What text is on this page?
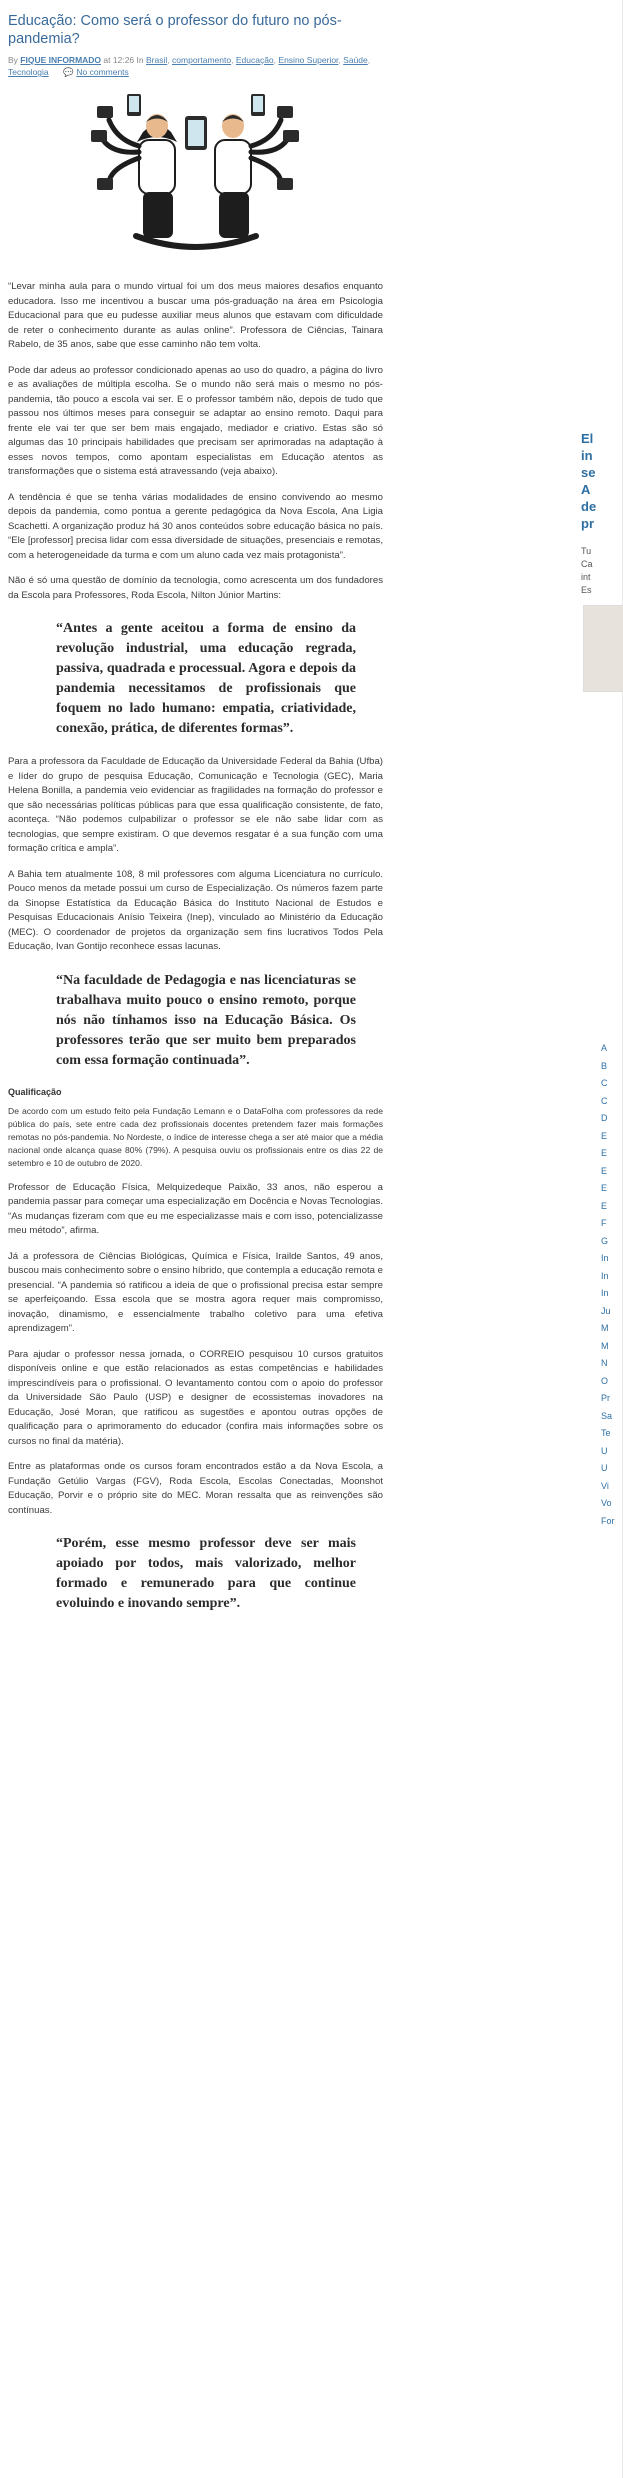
El
in
se
A
de
pr
Tu
Ca
int
Es
A
B
C
C
D
E
E
E
E
E
F
G
In
In
In
Ju
M
M
N
O
Pr
Sa
Te
U
U
Vi
Vo
For
Educação: Como será o professor do futuro no pós-pandemia?
By FIQUE INFORMADO at 12:26 In Brasil, comportamento, Educação, Ensino Superior, Saúde, Tecnologia 💬 No comments

“Levar minha aula para o mundo virtual foi um dos meus maiores desafios enquanto educadora. Isso me incentivou a buscar uma pós-graduação na área em Psicologia Educacional para que eu pudesse auxiliar meus alunos que estavam com dificuldade de reter o conhecimento durante as aulas online”. Professora de Ciências, Tainara Rabelo, de 35 anos, sabe que esse caminho não tem volta.

Pode dar adeus ao professor condicionado apenas ao uso do quadro, a página do livro e as avaliações de múltipla escolha. Se o mundo não será mais o mesmo no pós-pandemia, tão pouco a escola vai ser. E o professor também não, depois de tudo que passou nos últimos meses para conseguir se adaptar ao ensino remoto. Daqui para frente ele vai ter que ser bem mais engajado, mediador e criativo. Estas são só algumas das 10 principais habilidades que precisam ser aprimoradas na adaptação à esses novos tempos, como apontam especialistas em Educação atentos as transformações que o sistema está atravessando (veja abaixo).

A tendência é que se tenha várias modalidades de ensino convivendo ao mesmo depois da pandemia, como pontua a gerente pedagógica da Nova Escola, Ana Ligia Scachetti. A organização produz há 30 anos conteúdos sobre educação básica no país. “Ele [professor] precisa lidar com essa diversidade de situações, presenciais e remotas, com a heterogeneidade da turma e com um aluno cada vez mais protagonista”.

Não é só uma questão de domínio da tecnologia, como acrescenta um dos fundadores da Escola para Professores, Roda Escola, Nilton Júnior Martins:

“Antes a gente aceitou a forma de ensino da revolução industrial, uma educação regrada, passiva, quadrada e processual. Agora e depois da pandemia necessitamos de profissionais que foquem no lado humano: empatia, criatividade, conexão, prática, de diferentes formas”.

Para a professora da Faculdade de Educação da Universidade Federal da Bahia (Ufba) e líder do grupo de pesquisa Educação, Comunicação e Tecnologia (GEC), Maria Helena Bonilla, a pandemia veio evidenciar as fragilidades na formação do professor e que são necessárias políticas públicas para que essa qualificação consistente, de fato, aconteça. “Não podemos culpabilizar o professor se ele não sabe lidar com as tecnologias, que sempre existiram. O que devemos resgatar é a sua função com uma formação crítica e ampla”.

A Bahia tem atualmente 108, 8 mil professores com alguma Licenciatura no currículo. Pouco menos da metade possui um curso de Especialização. Os números fazem parte da Sinopse Estatística da Educação Básica do Instituto Nacional de Estudos e Pesquisas Educacionais Anísio Teixeira (Inep), vinculado ao Ministério da Educação (MEC). O coordenador de projetos da organização sem fins lucrativos Todos Pela Educação, Ivan Gontijo reconhece essas lacunas.

“Na faculdade de Pedagogia e nas licenciaturas se trabalhava muito pouco o ensino remoto, porque nós não tínhamos isso na Educação Básica. Os professores terão que ser muito bem preparados com essa formação continuada”.
Qualificação

De acordo com um estudo feito pela Fundação Lemann e o DataFolha com professores da rede pública do país, sete entre cada dez profissionais docentes pretendem fazer mais formações remotas no pós-pandemia. No Nordeste, o índice de interesse chega a ser até maior que a média nacional onde alcança quase 80% (79%). A pesquisa ouviu os profissionais entre os dias 22 de setembro e 10 de outubro de 2020.

Professor de Educação Física, Melquizedeque Paixão, 33 anos, não esperou a pandemia passar para começar uma especialização em Docência e Novas Tecnologias. “As mudanças fizeram com que eu me especializasse mais e com isso, potencializasse meu método”, afirma.

Já a professora de Ciências Biológicas, Química e Física, Irailde Santos, 49 anos, buscou mais conhecimento sobre o ensino híbrido, que contempla a educação remota e presencial. “A pandemia só ratificou a ideia de que o profissional precisa estar sempre se aperfeiçoando. Essa escola que se mostra agora requer mais compromisso, inovação, dinamismo, e essencialmente trabalho coletivo para uma efetiva aprendizagem”.

Para ajudar o professor nessa jornada, o CORREIO pesquisou 10 cursos gratuitos disponíveis online e que estão relacionados as estas competências e habilidades imprescindíveis para o profissional. O levantamento contou com o apoio do professor da Universidade São Paulo (USP) e designer de ecossistemas inovadores na Educação, José Moran, que ratificou as sugestões e apontou outras opções de qualificação para o aprimoramento do educador (confira mais informações sobre os cursos no final da matéria).

Entre as plataformas onde os cursos foram encontrados estão a da Nova Escola, a Fundação Getúlio Vargas (FGV), Roda Escola, Escolas Conectadas, Moonshot Educação, Porvir e o próprio site do MEC. Moran ressalta que as reinvenções são contínuas.

“Porém, esse mesmo professor deve ser mais apoiado por todos, mais valorizado, melhor formado e remunerado para que continue evoluindo e inovando sempre”.
